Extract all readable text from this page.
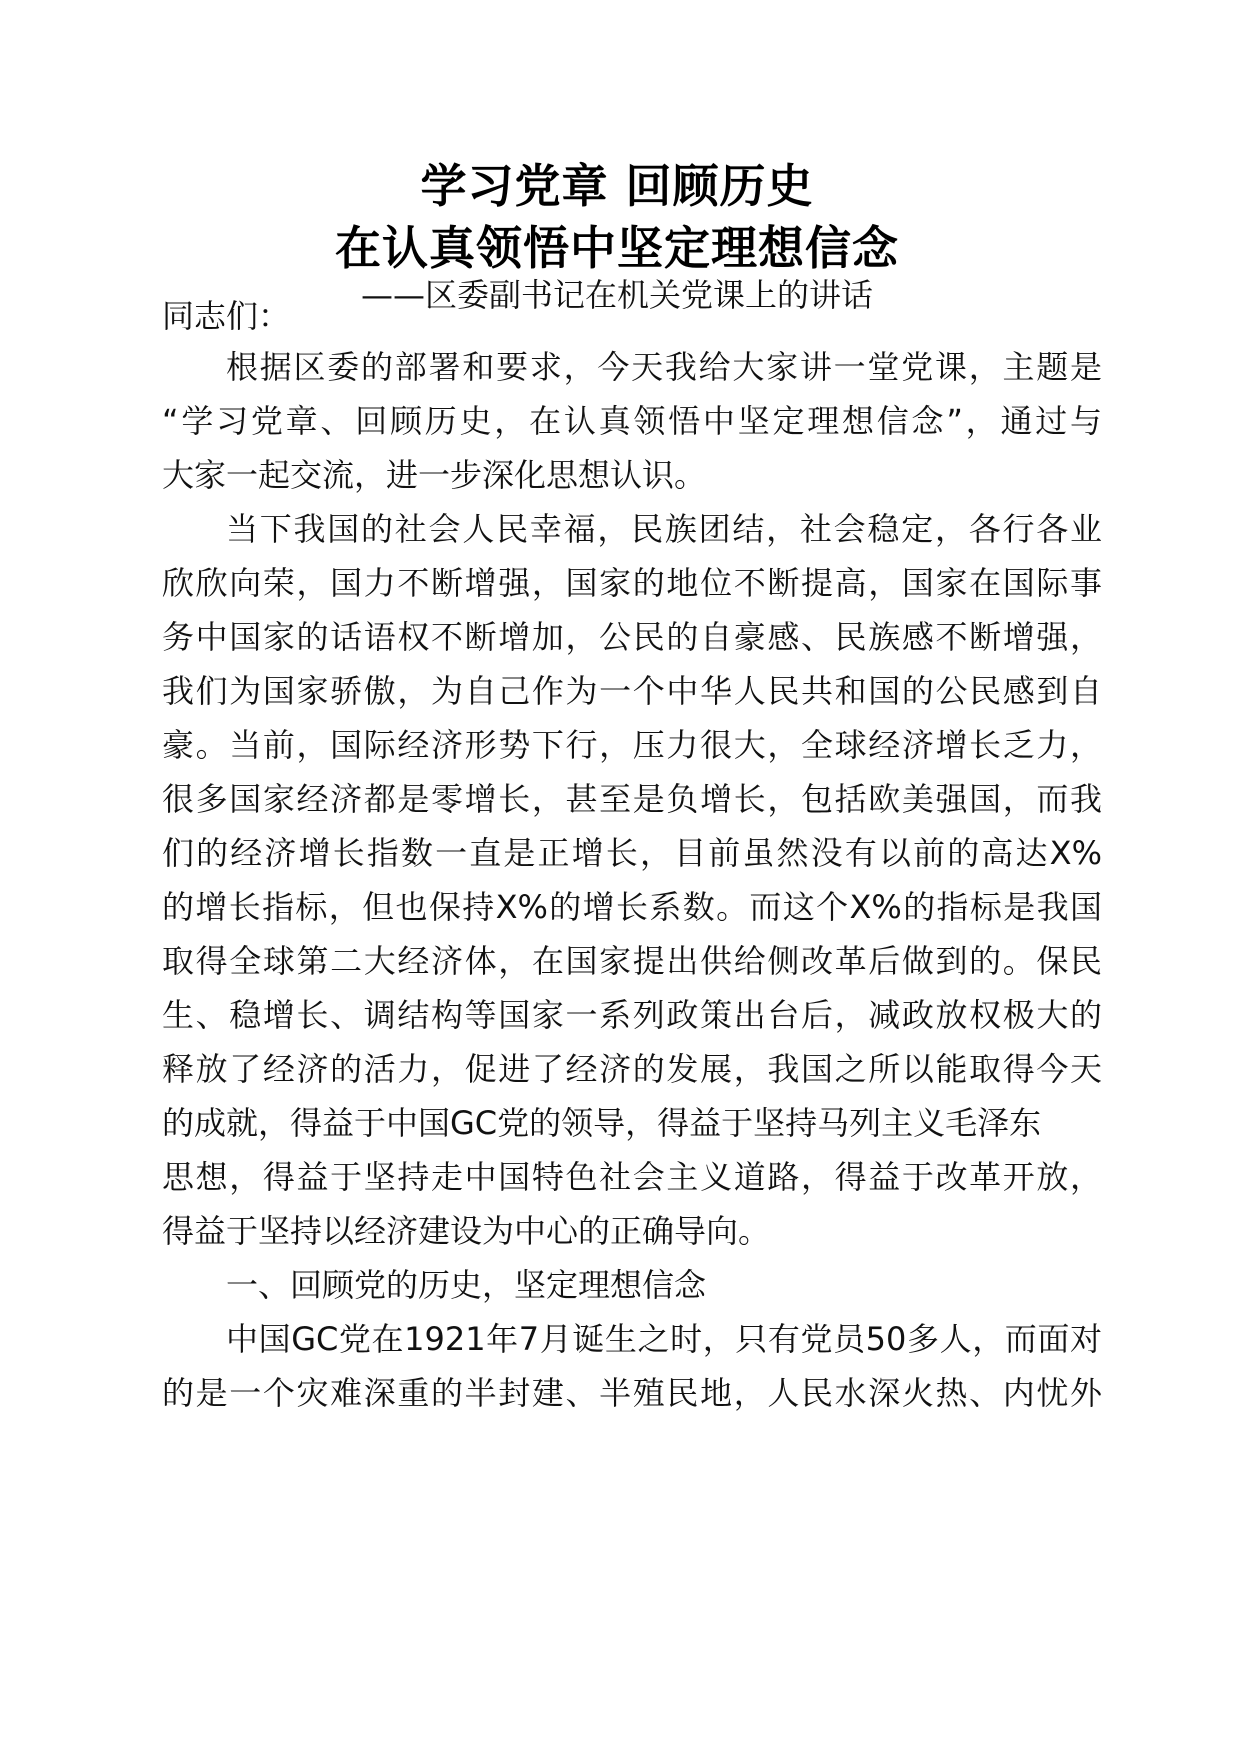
学习党章 回顾历史
在认真领悟中坚定理想信念
——区委副书记在机关党课上的讲话
同志们：
根据区委的部署和要求，今天我给大家讲一堂党课，主题是
“学习党章、回顾历史，在认真领悟中坚定理想信念”，通过与
大家一起交流，进一步深化思想认识。
当下我国的社会人民幸福，民族团结，社会稳定，各行各业
欣欣向荣，国力不断增强，国家的地位不断提高，国家在国际事
务中国家的话语权不断增加，公民的自豪感、民族感不断增强，
我们为国家骄傲，为自己作为一个中华人民共和国的公民感到自
豪。当前，国际经济形势下行，压力很大，全球经济增长乏力，
很多国家经济都是零增长，甚至是负增长，包括欧美强国，而我
们的经济增长指数一直是正增长，目前虽然没有以前的高达X%
的增长指标，但也保持X%的增长系数。而这个X%的指标是我国
取得全球第二大经济体，在国家提出供给侧改革后做到的。保民
生、稳增长、调结构等国家一系列政策出台后，减政放权极大的
释放了经济的活力，促进了经济的发展，我国之所以能取得今天
的成就，得益于中国GC党的领导，得益于坚持马列主义毛泽东
思想，得益于坚持走中国特色社会主义道路，得益于改革开放，
得益于坚持以经济建设为中心的正确导向。
一、回顾党的历史，坚定理想信念
中国GC党在1921年7月诞生之时，只有党员50多人，而面对
的是一个灾难深重的半封建、半殖民地，人民水深火热、内忧外
